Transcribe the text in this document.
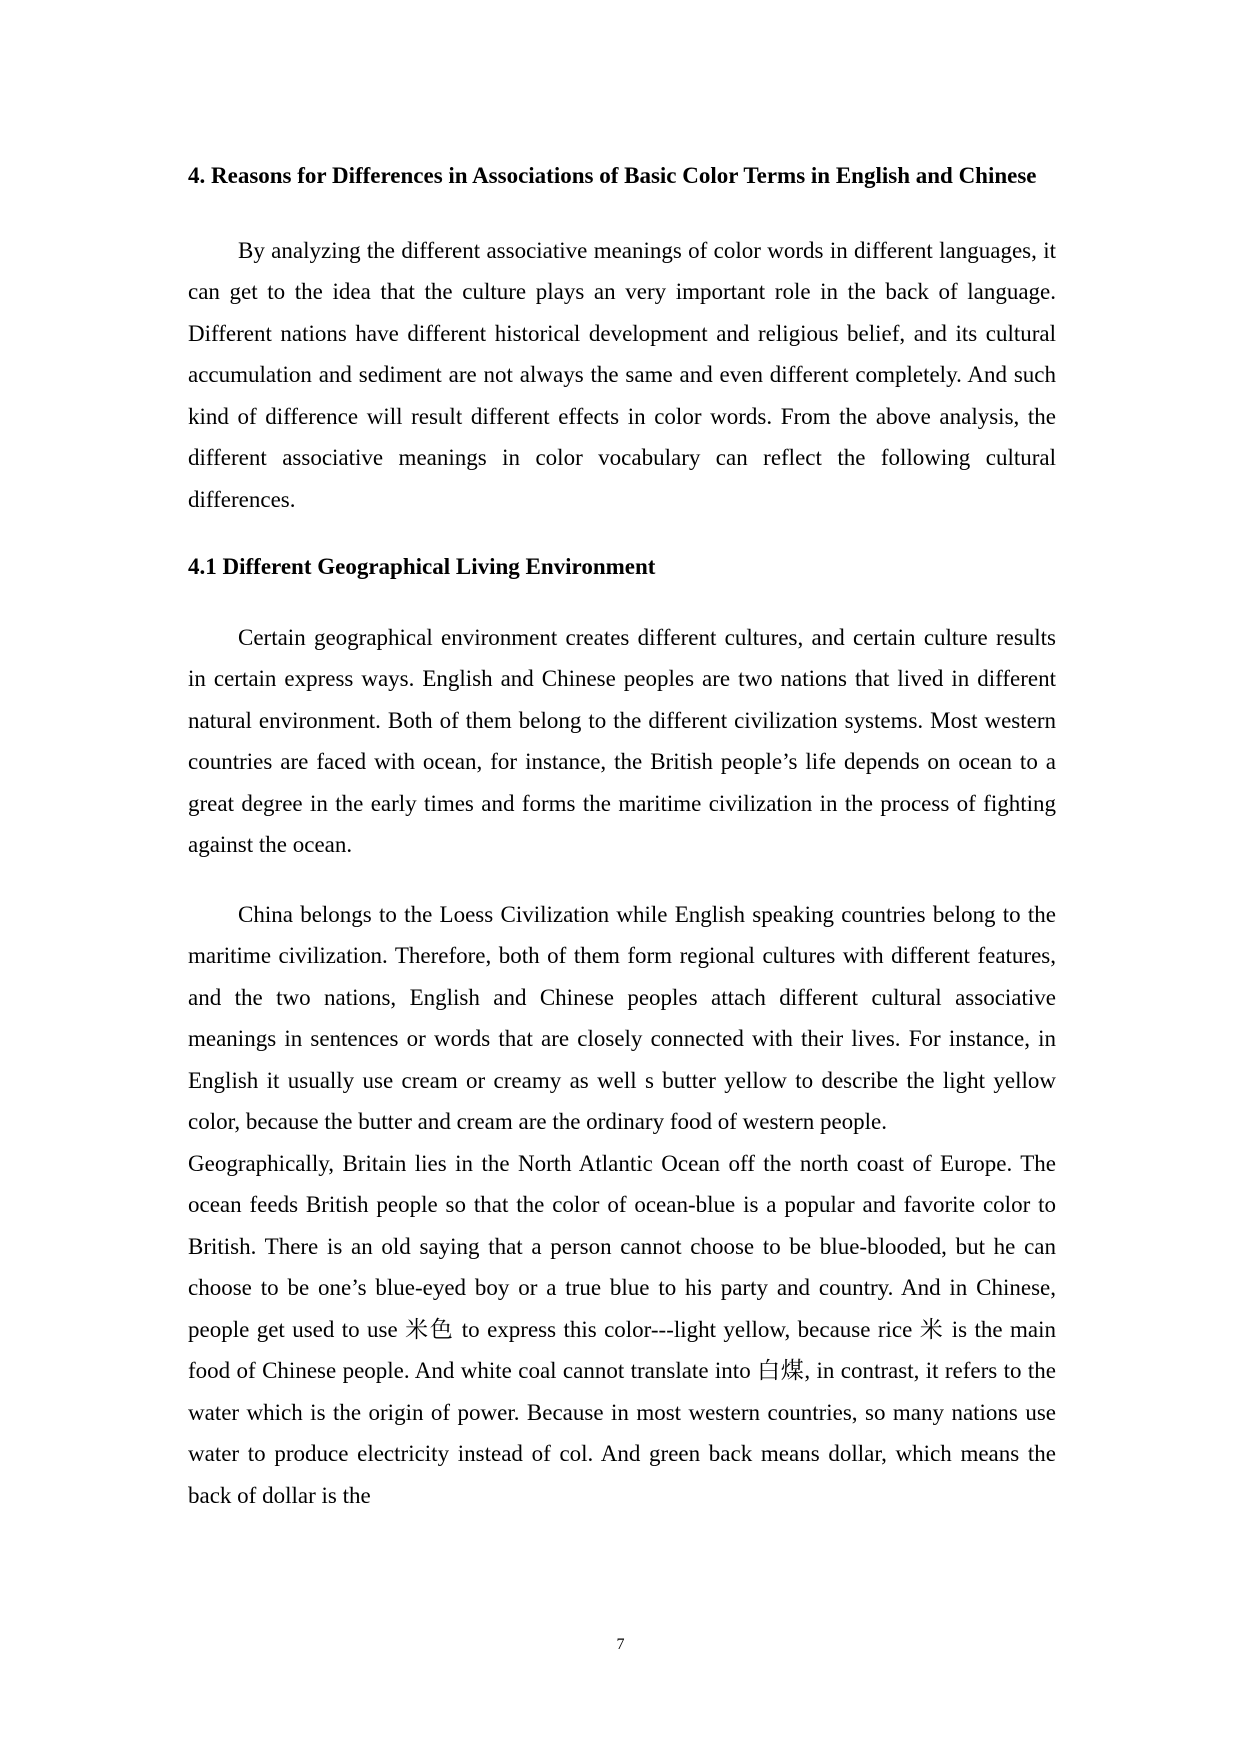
4. Reasons for Differences in Associations of Basic Color Terms in English and Chinese

By analyzing the different associative meanings of color words in different languages, it can get to the idea that the culture plays an very important role in the back of language. Different nations have different historical development and religious belief, and its cultural accumulation and sediment are not always the same and even different completely. And such kind of difference will result different effects in color words. From the above analysis, the different associative meanings in color vocabulary can reflect the following cultural differences.

4.1 Different Geographical Living Environment

Certain geographical environment creates different cultures, and certain culture results in certain express ways. English and Chinese peoples are two nations that lived in different natural environment. Both of them belong to the different civilization systems. Most western countries are faced with ocean, for instance, the British people’s life depends on ocean to a great degree in the early times and forms the maritime civilization in the process of fighting against the ocean.

China belongs to the Loess Civilization while English speaking countries belong to the maritime civilization. Therefore, both of them form regional cultures with different features, and the two nations, English and Chinese peoples attach different cultural associative meanings in sentences or words that are closely connected with their lives. For instance, in English it usually use cream or creamy as well s butter yellow to describe the light yellow color, because the butter and cream are the ordinary food of western people.

Geographically, Britain lies in the North Atlantic Ocean off the north coast of Europe. The ocean feeds British people so that the color of ocean-blue is a popular and favorite color to British. There is an old saying that a person cannot choose to be blue-blooded, but he can choose to be one’s blue-eyed boy or a true blue to his party and country. And in Chinese, people get used to use 米色 to express this color---light yellow, because rice 米 is the main food of Chinese people. And white coal cannot translate into 白煤, in contrast, it refers to the water which is the origin of power. Because in most western countries, so many nations use water to produce electricity instead of col. And green back means dollar, which means the back of dollar is the

7
